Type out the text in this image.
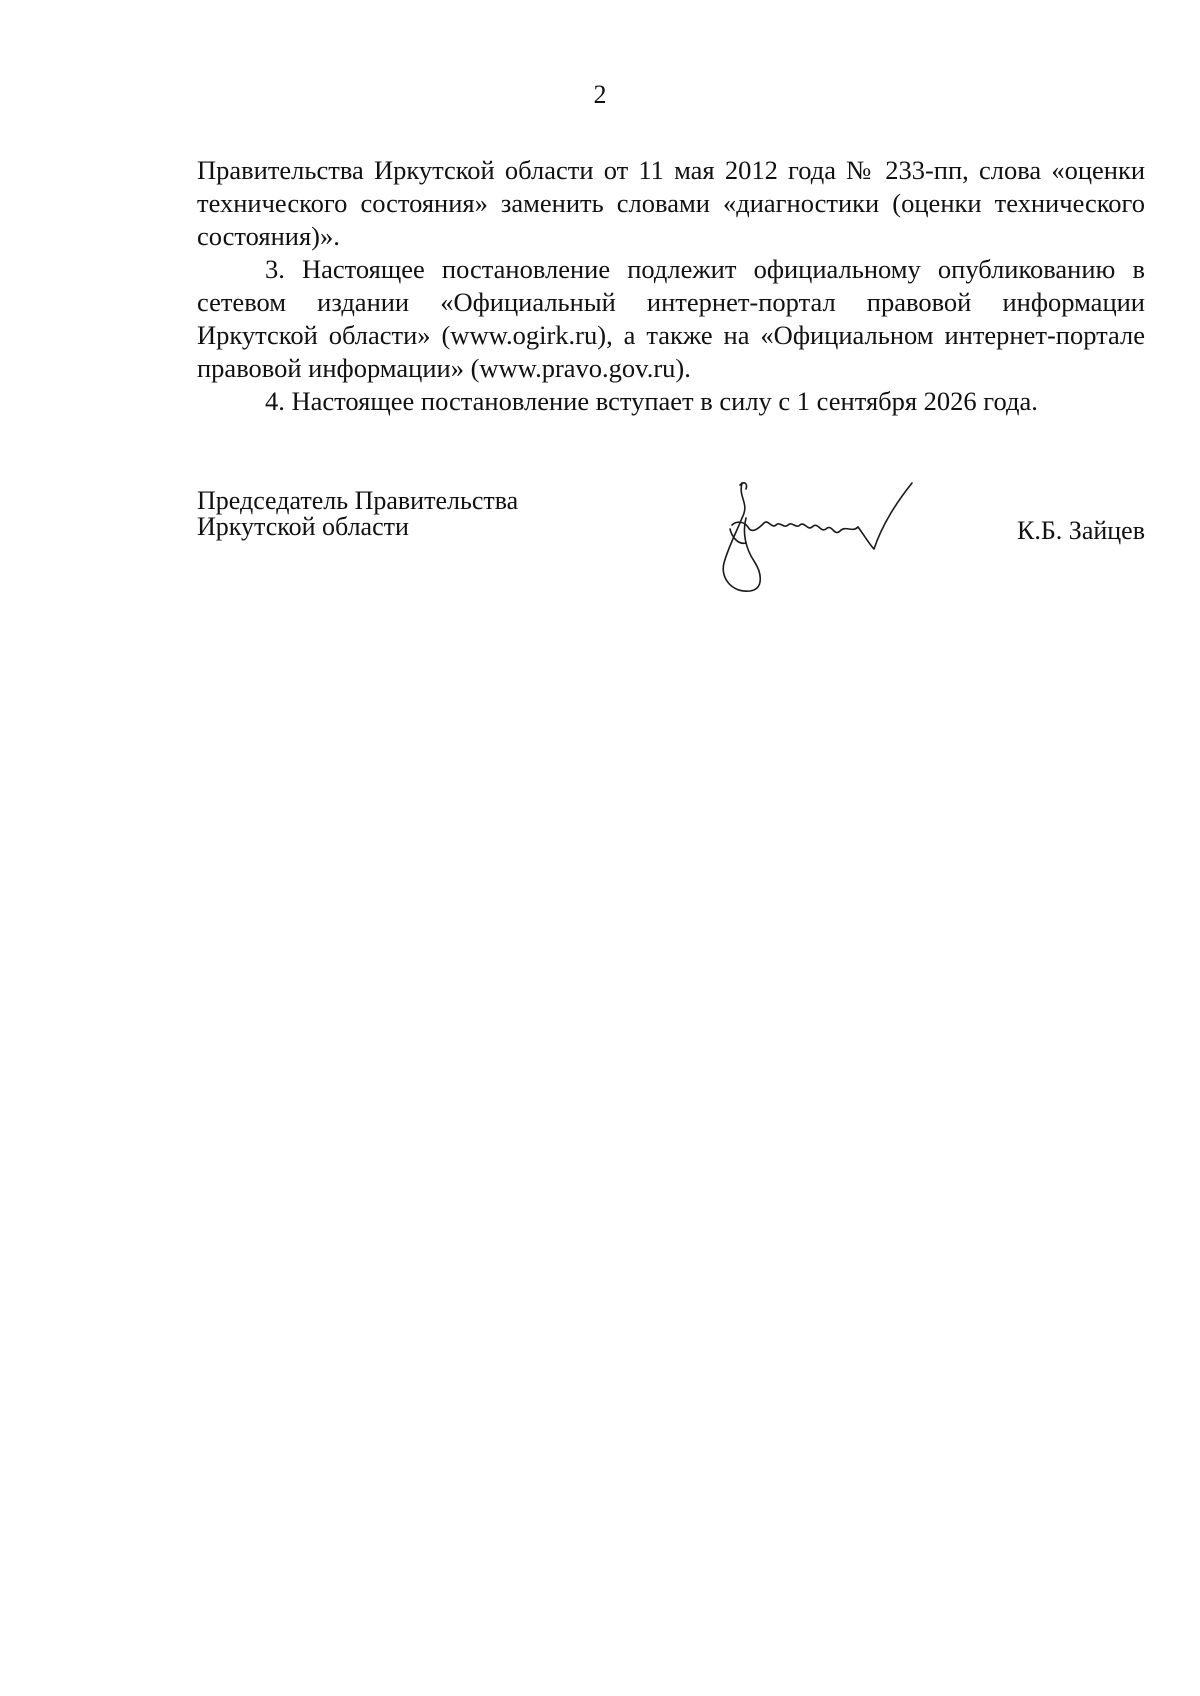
2

Правительства Иркутской области от 11 мая 2012 года № 233-пп, слова «оценки технического состояния» заменить словами «диагностики (оценки технического состояния)».

3. Настоящее постановление подлежит официальному опубликованию в сетевом издании «Официальный интернет-портал правовой информации Иркутской области» (www.ogirk.ru), а также на «Официальном интернет-портале правовой информации» (www.pravo.gov.ru).

4. Настоящее постановление вступает в силу с 1 сентября 2026 года.

Председатель Правительства
Иркутской области	К.Б. Зайцев
